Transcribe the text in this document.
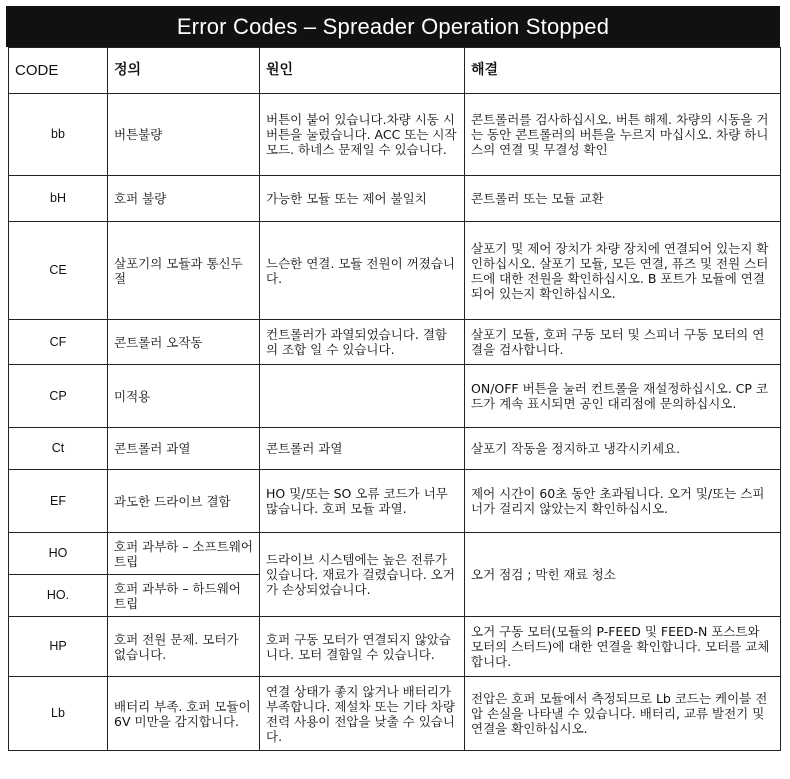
Error Codes – Spreader Operation Stopped
CODE	정의	원인	해결
bb	버튼불량	버튼이 붙어 있습니다.차량 시동 시 버튼을 눌렀습니다. ACC 또는 시작 모드. 하네스 문제일 수 있습니다.	콘트롤러를 검사하십시오. 버튼 해제. 차량의 시동을 거는 동안 콘트롤러의 버튼을 누르지 마십시오. 차량 하니스의 연결 및 무결성 확인
bH	호퍼 불량	가능한 모듈 또는 제어 불일치	콘트롤러 또는 모듈 교환
CE	살포기의 모듈과 통신두절	느슨한 연결. 모듈 전원이 꺼졌습니다.	살포기 및 제어 장치가 차량 장치에 연결되어 있는지 확인하십시오. 살포기 모듈, 모든 연결, 퓨즈 및 전원 스터드에 대한 전원을 확인하십시오. B 포트가 모듈에 연결되어 있는지 확인하십시오.
CF	콘트롤러 오작동	컨트롤러가 과열되었습니다. 결함의 조합 일 수 있습니다.	살포기 모듈, 호퍼 구동 모터 및 스피너 구동 모터의 연결을 검사합니다.
CP	미적용		ON/OFF 버튼을 눌러 컨트롤을 재설정하십시오. CP 코드가 계속 표시되면 공인 대리점에 문의하십시오.
Ct	콘트롤러 과열	콘트롤러 과열	살포기 작동을 정지하고 냉각시키세요.
EF	과도한 드라이브 결함	HO 및/또는 SO 오류 코드가 너무 많습니다. 호퍼 모듈 과열.	제어 시간이 60초 동안 초과됩니다. 오거 및/또는 스피너가 걸리지 않았는지 확인하십시오.
HO	호퍼 과부하 – 소프트웨어 트립	드라이브 시스템에는 높은 전류가 있습니다. 재료가 걸렸습니다. 오거가 손상되었습니다.	오거 점검 ; 막힌 재료 청소
HO.	호퍼 과부하 – 하드웨어 트립		
HP	호퍼 전원 문제. 모터가 없습니다.	호퍼 구동 모터가 연결되지 않았습니다. 모터 결함일 수 있습니다.	오거 구동 모터(모듈의 P-FEED 및 FEED-N 포스트와 모터의 스터드)에 대한 연결을 확인합니다. 모터를 교체합니다.
Lb	배터리 부족. 호퍼 모듈이 6V 미만을 감지합니다.	연결 상태가 좋지 않거나 배터리가 부족합니다. 제설차 또는 기타 차량전력 사용이 전압을 낮출 수 있습니다.	전압은 호퍼 모듈에서 측정되므로 Lb 코드는 케이블 전압 손실을 나타낼 수 있습니다. 배터리, 교류 발전기 및 연결을 확인하십시오.
